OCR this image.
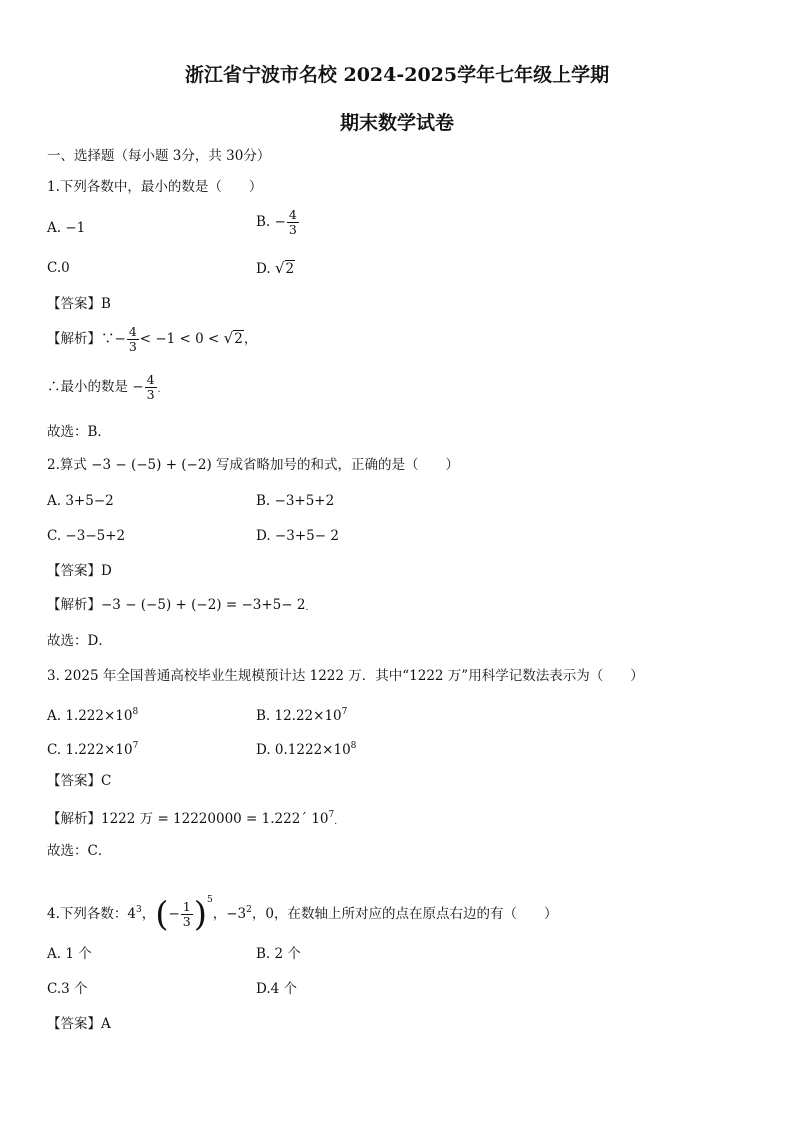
浙江省宁波市名校 2024-2025学年七年级上学期
期末数学试卷
一、选择题（每小题 3分，共 30分）
1.下列各数中，最小的数是（　　）
A. −1	B. − $\frac{4}{3}$
C.0	D. √2
【答案】B
【解析】∵− $\frac{4}{3} < -1 < 0 < √2$，
∴最小的数是 − $\frac{4}{3}$ .
故选：B．
2.算式 −3 − (−5) + (−2) 写成省略加号的和式，正确的是（　　）
A. 3+5−2	B. −3+5+2
C. −3−5+2	D. −3+5− 2
【答案】D
【解析】−3 − (−5) + (−2) = −3+5− 2.
故选：D．
3. 2025 年全国普通高校毕业生规模预计达 1222 万．其中“1222 万”用科学记数法表示为（　　）
A. $1.222\times 10^8$	B. $12.22\times 10^7$
C. $1.222\times 10^7$	D. $0.1222\times 10^8$
【答案】C
【解析】1222 万 = 12220000 = 1.222´ $10^7$.
故选：C．
4.下列各数：$4^3$，(− $\frac{1}{3} )^5$，$-3^2$，0，在数轴上所对应的点在原点右边的有（　　）
A. 1 个	B. 2 个
C.3 个	D.4 个
【答案】A
